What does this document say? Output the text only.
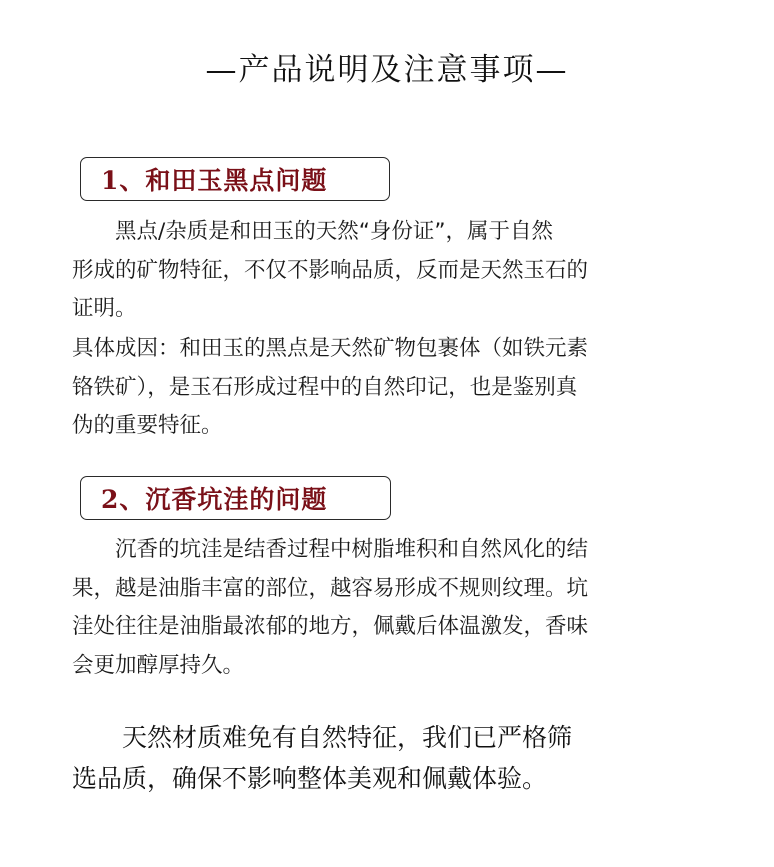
—产品说明及注意事项—
1、和田玉黑点问题

黑点/杂质是和田玉的天然“身份证”，属于自然
形成的矿物特征，不仅不影响品质，反而是天然玉石的
证明。

具体成因：和田玉的黑点是天然矿物包裹体（如铁元素
铬铁矿），是玉石形成过程中的自然印记，也是鉴别真
伪的重要特征。

2、沉香坑洼的问题

沉香的坑洼是结香过程中树脂堆积和自然风化的结
果，越是油脂丰富的部位，越容易形成不规则纹理。坑
洼处往往是油脂最浓郁的地方，佩戴后体温激发，香味
会更加醇厚持久。

天然材质难免有自然特征，我们已严格筛
选品质，确保不影响整体美观和佩戴体验。
